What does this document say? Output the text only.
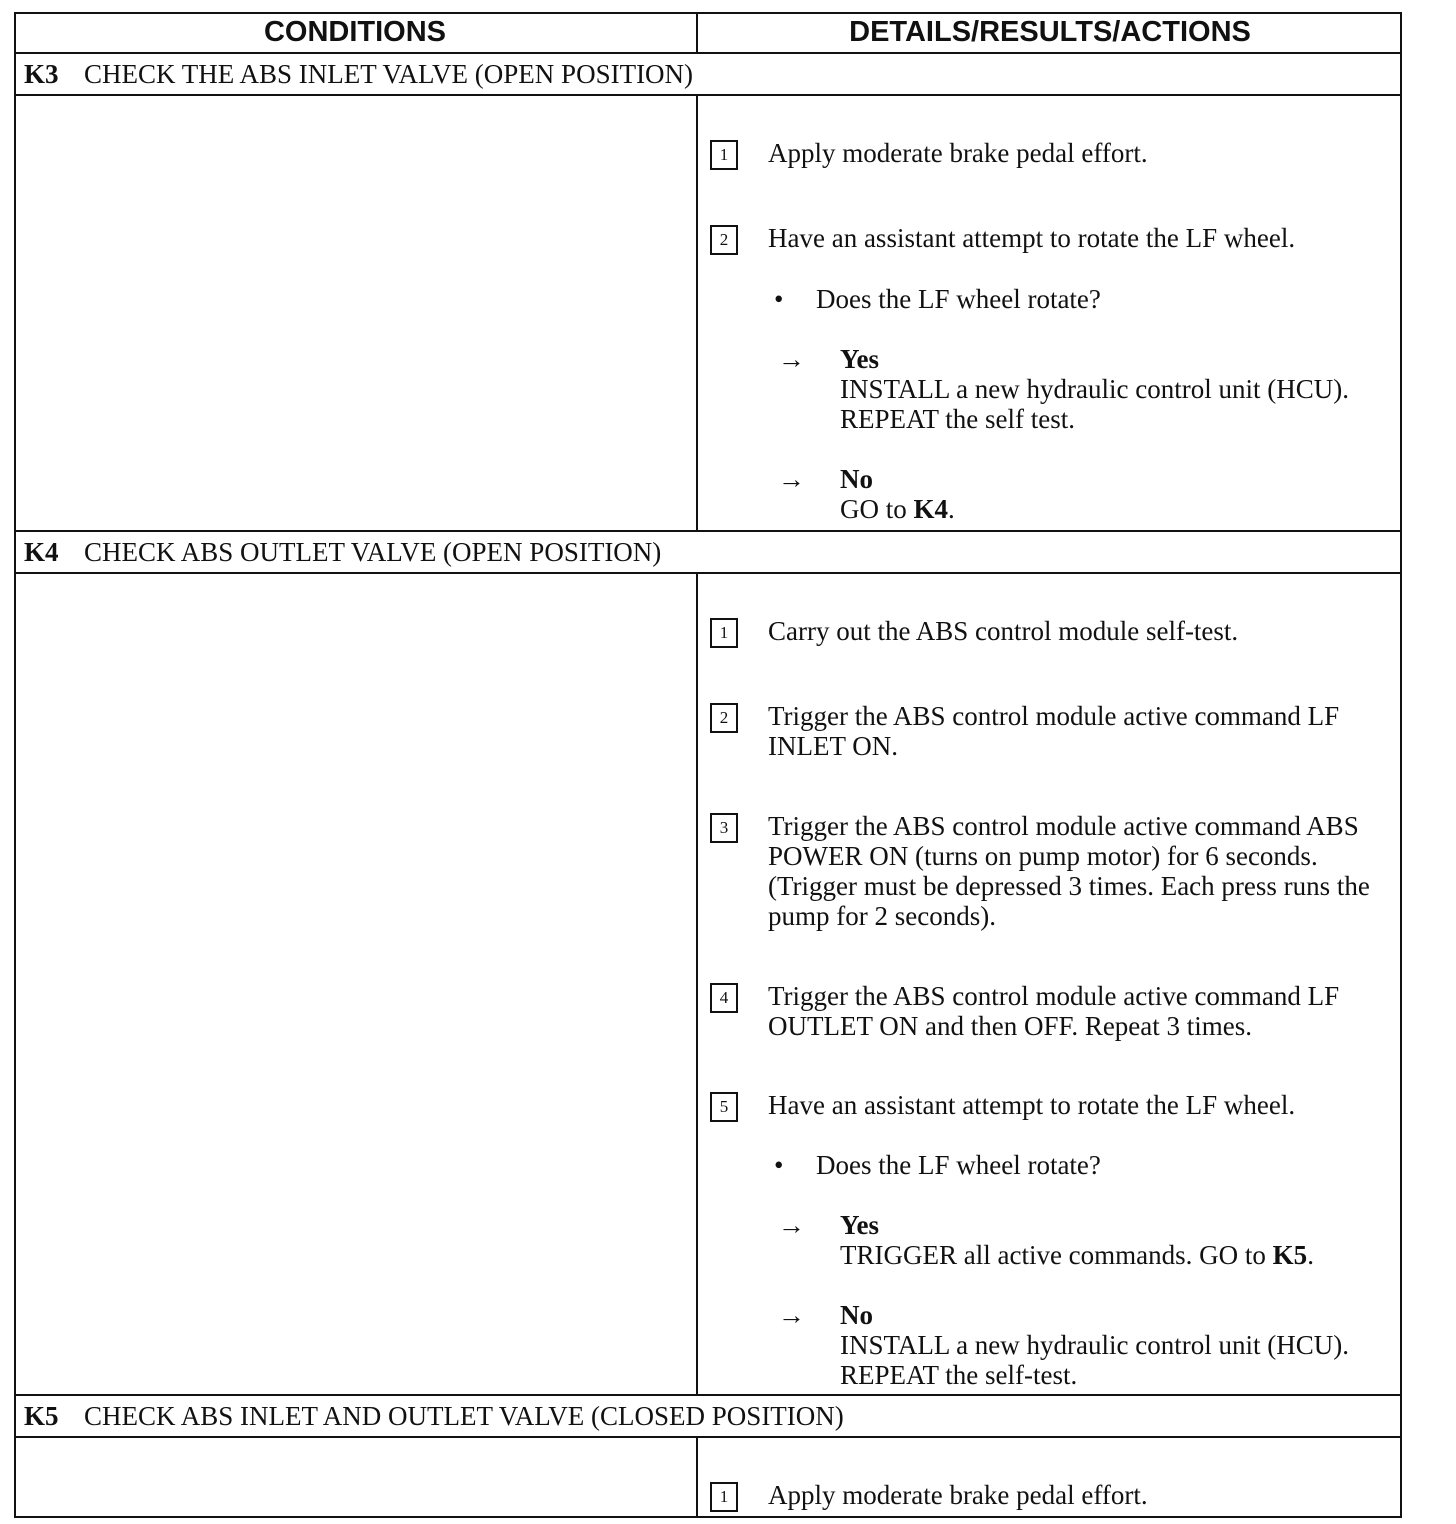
CONDITIONS	DETAILS/RESULTS/ACTIONS
K3 CHECK THE ABS INLET VALVE (OPEN POSITION)
1	Apply moderate brake pedal effort.
2	Have an assistant attempt to rotate the LF wheel.
• Does the LF wheel rotate?
→ Yes
INSTALL a new hydraulic control unit (HCU). REPEAT the self test.
→ No
GO to K4.
K4 CHECK ABS OUTLET VALVE (OPEN POSITION)
1	Carry out the ABS control module self-test.
2	Trigger the ABS control module active command LF INLET ON.
3	Trigger the ABS control module active command ABS POWER ON (turns on pump motor) for 6 seconds. (Trigger must be depressed 3 times. Each press runs the pump for 2 seconds).
4	Trigger the ABS control module active command LF OUTLET ON and then OFF. Repeat 3 times.
5	Have an assistant attempt to rotate the LF wheel.
• Does the LF wheel rotate?
→ Yes
TRIGGER all active commands. GO to K5.
→ No
INSTALL a new hydraulic control unit (HCU). REPEAT the self-test.
K5 CHECK ABS INLET AND OUTLET VALVE (CLOSED POSITION)
1	Apply moderate brake pedal effort.
